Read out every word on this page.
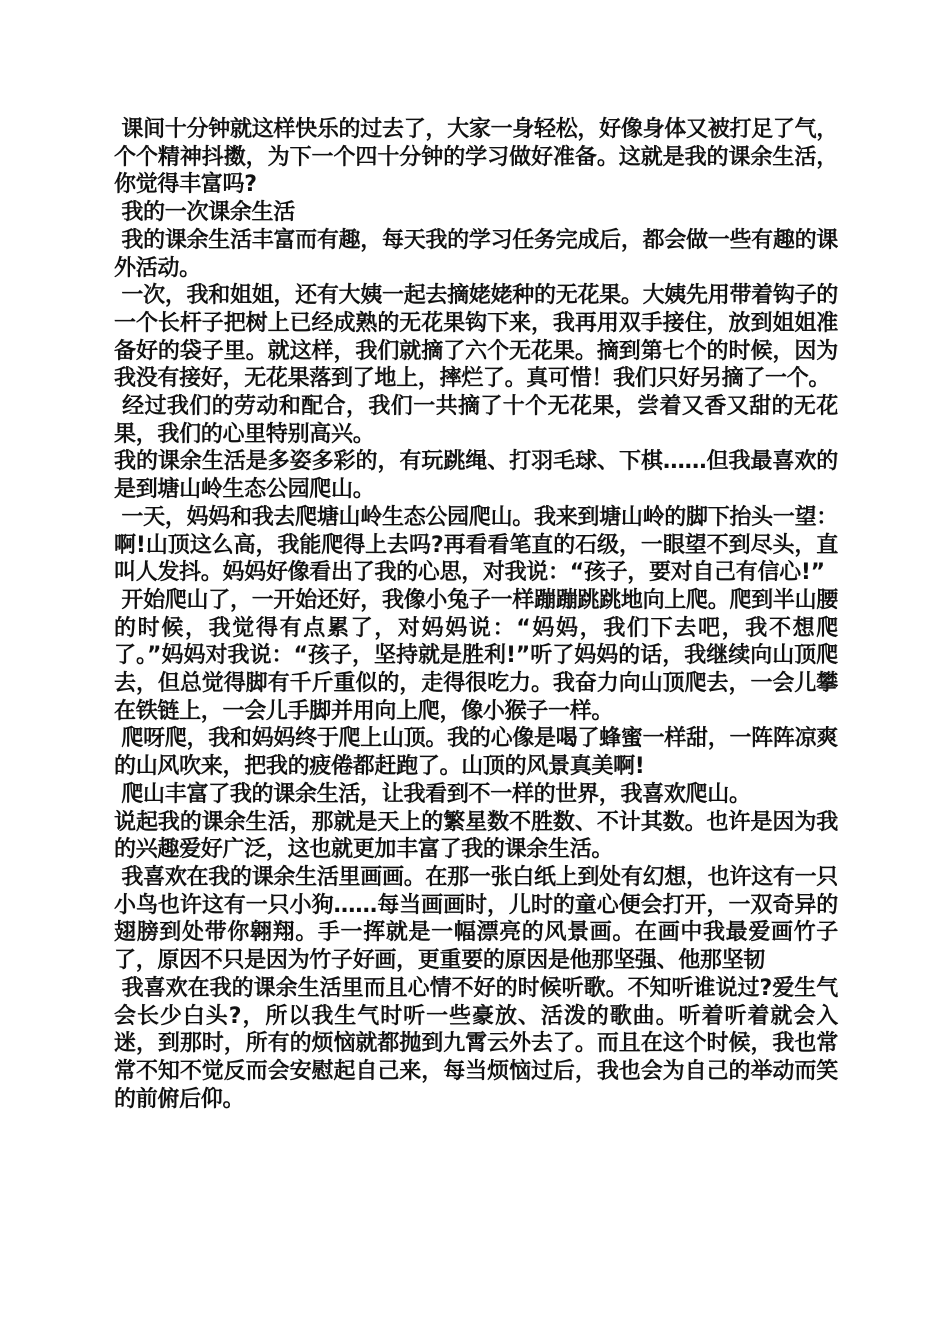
课间十分钟就这样快乐的过去了，大家一身轻松，好像身体又被打足了气，个个精神抖擞，为下一个四十分钟的学习做好准备。这就是我的课余生活，你觉得丰富吗?

我的一次课余生活

我的课余生活丰富而有趣，每天我的学习任务完成后，都会做一些有趣的课外活动。

一次，我和姐姐，还有大姨一起去摘姥姥种的无花果。大姨先用带着钩子的一个长杆子把树上已经成熟的无花果钩下来，我再用双手接住，放到姐姐准备好的袋子里。就这样，我们就摘了六个无花果。摘到第七个的时候，因为我没有接好，无花果落到了地上，摔烂了。真可惜！我们只好另摘了一个。

经过我们的劳动和配合，我们一共摘了十个无花果，尝着又香又甜的无花果，我们的心里特别高兴。

我的课余生活是多姿多彩的，有玩跳绳、打羽毛球、下棋……但我最喜欢的是到塘山岭生态公园爬山。

一天，妈妈和我去爬塘山岭生态公园爬山。我来到塘山岭的脚下抬头一望：啊!山顶这么高，我能爬得上去吗?再看看笔直的石级，一眼望不到尽头，直叫人发抖。妈妈好像看出了我的心思，对我说：“孩子，要对自己有信心!”

开始爬山了，一开始还好，我像小兔子一样蹦蹦跳跳地向上爬。爬到半山腰的时候，我觉得有点累了，对妈妈说：“妈妈，我们下去吧，我不想爬了。”妈妈对我说：“孩子，坚持就是胜利!”听了妈妈的话，我继续向山顶爬去，但总觉得脚有千斤重似的，走得很吃力。我奋力向山顶爬去，一会儿攀在铁链上，一会儿手脚并用向上爬，像小猴子一样。

爬呀爬，我和妈妈终于爬上山顶。我的心像是喝了蜂蜜一样甜，一阵阵凉爽的山风吹来，把我的疲倦都赶跑了。山顶的风景真美啊!

爬山丰富了我的课余生活，让我看到不一样的世界，我喜欢爬山。

说起我的课余生活，那就是天上的繁星数不胜数、不计其数。也许是因为我的兴趣爱好广泛，这也就更加丰富了我的课余生活。

我喜欢在我的课余生活里画画。在那一张白纸上到处有幻想，也许这有一只小鸟也许这有一只小狗……每当画画时，儿时的童心便会打开，一双奇异的翅膀到处带你翱翔。手一挥就是一幅漂亮的风景画。在画中我最爱画竹子了，原因不只是因为竹子好画，更重要的原因是他那坚强、他那坚韧

我喜欢在我的课余生活里而且心情不好的时候听歌。不知听谁说过?爱生气会长少白头?，所以我生气时听一些豪放、活泼的歌曲。听着听着就会入迷，到那时，所有的烦恼就都抛到九霄云外去了。而且在这个时候，我也常常不知不觉反而会安慰起自己来，每当烦恼过后，我也会为自己的举动而笑的前俯后仰。
